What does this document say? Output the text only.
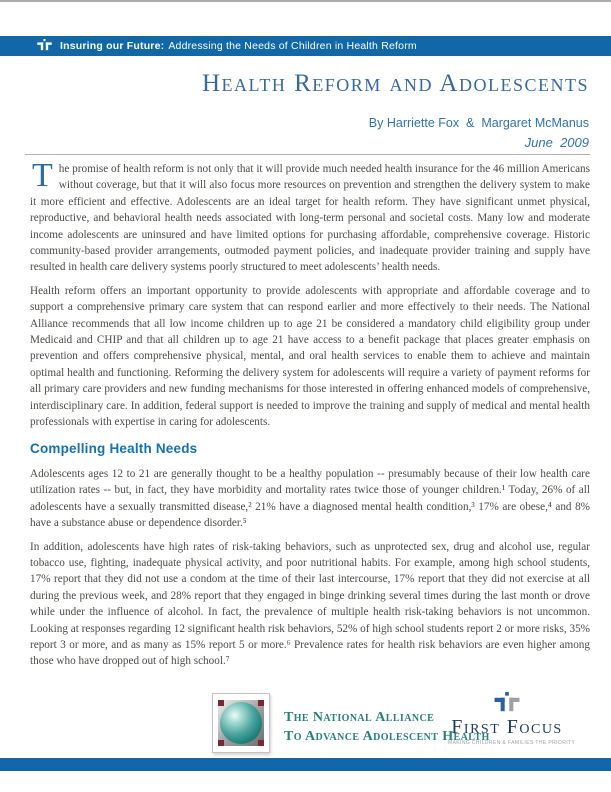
Insuring our Future: Addressing the Needs of Children in Health Reform
Health Reform and Adolescents
By Harriette Fox  &  Margaret McManus
June  2009

The promise of health reform is not only that it will provide much needed health insurance for the 46 million Americans without coverage, but that it will also focus more resources on prevention and strengthen the delivery system to make it more efficient and effective. Adolescents are an ideal target for health reform. They have significant unmet physical, reproductive, and behavioral health needs associated with long-term personal and societal costs. Many low and moderate income adolescents are uninsured and have limited options for purchasing affordable, comprehensive coverage. Historic community-based provider arrangements, outmoded payment policies, and inadequate provider training and supply have resulted in health care delivery systems poorly structured to meet adolescents’ health needs.

Health reform offers an important opportunity to provide adolescents with appropriate and affordable coverage and to support a comprehensive primary care system that can respond earlier and more effectively to their needs. The National Alliance recommends that all low income children up to age 21 be considered a mandatory child eligibility group under Medicaid and CHIP and that all children up to age 21 have access to a benefit package that places greater emphasis on prevention and offers comprehensive physical, mental, and oral health services to enable them to achieve and maintain optimal health and functioning. Reforming the delivery system for adolescents will require a variety of payment reforms for all primary care providers and new funding mechanisms for those interested in offering enhanced models of comprehensive, interdisciplinary care. In addition, federal support is needed to improve the training and supply of medical and mental health professionals with expertise in caring for adolescents.

Compelling Health Needs

Adolescents ages 12 to 21 are generally thought to be a healthy population -- presumably because of their low health care utilization rates -- but, in fact, they have morbidity and mortality rates twice those of younger children.¹ Today, 26% of all adolescents have a sexually transmitted disease,² 21% have a diagnosed mental health condition,³ 17% are obese,⁴ and 8% have a substance abuse or dependence disorder.⁵

In addition, adolescents have high rates of risk-taking behaviors, such as unprotected sex, drug and alcohol use, regular tobacco use, fighting, inadequate physical activity, and poor nutritional habits. For example, among high school students, 17% report that they did not use a condom at the time of their last intercourse, 17% report that they did not exercise at all during the previous week, and 28% report that they engaged in binge drinking several times during the last month or drove while under the influence of alcohol. In fact, the prevalence of multiple health risk-taking behaviors is not uncommon. Looking at responses regarding 12 significant health risk behaviors, 52% of high school students report 2 or more risks, 35% report 3 or more, and as many as 15% report 5 or more.⁶ Prevalence rates for health risk behaviors are even higher among those who have dropped out of high school.⁷

The National Alliance
To Advance Adolescent Health
First Focus
MAKING CHILDREN & FAMILIES THE PRIORITY
